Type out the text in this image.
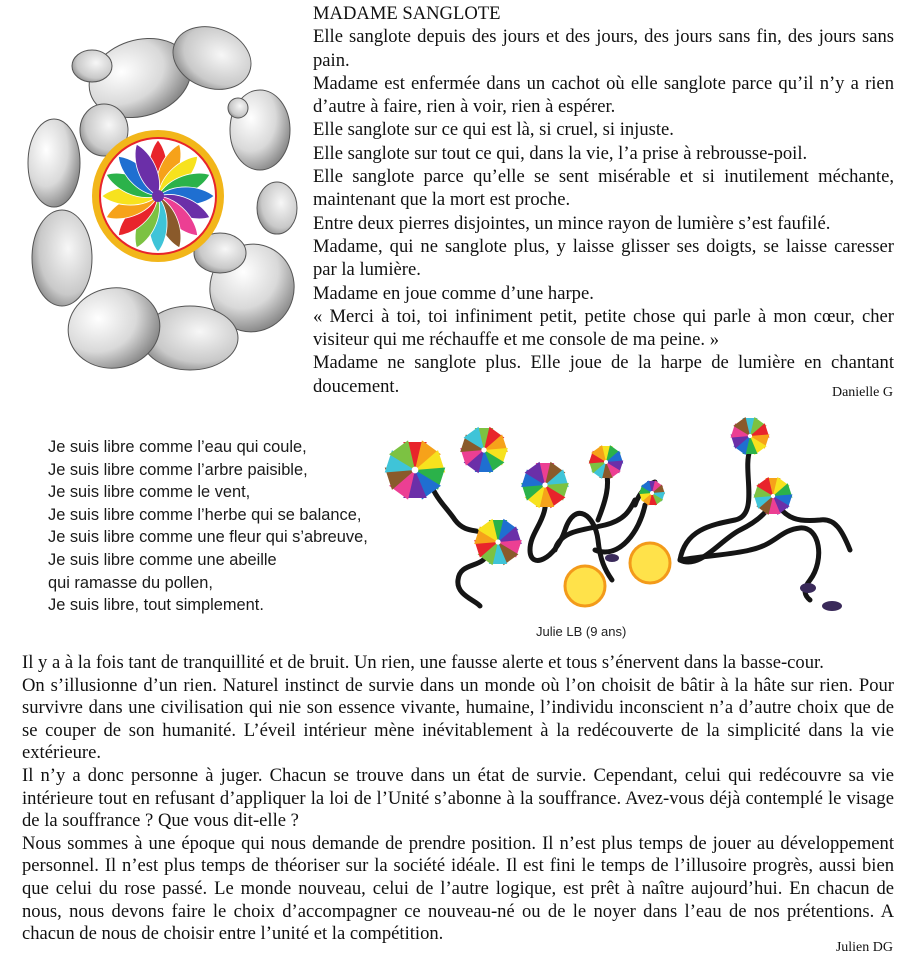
MADAME SANGLOTE

Elle sanglote depuis des jours et des jours, des jours sans fin, des jours sans pain.

Madame est enfermée dans un cachot où elle sanglote parce qu’il n’y a rien d’autre à faire, rien à voir, rien à espérer.

Elle sanglote sur ce qui est là, si cruel, si injuste.

Elle sanglote sur tout ce qui, dans la vie, l’a prise à rebrousse-poil.

Elle sanglote parce qu’elle se sent misérable et si inutilement méchante, maintenant que la mort est proche.

Entre deux pierres disjointes, un mince rayon de lumière s’est faufilé.

Madame, qui ne sanglote plus, y laisse glisser ses doigts, se laisse caresser par la lumière.

Madame en joue comme d’une harpe.

« Merci à toi, toi infiniment petit, petite chose qui parle à mon cœur, cher visiteur qui me réchauffe et me console de ma peine. »

Madame ne sanglote plus. Elle joue de la harpe de lumière en chantant doucement.	Danielle G
Je suis libre comme l’eau qui coule,
Je suis libre comme l’arbre paisible,
Je suis libre comme le vent,
Je suis libre comme l’herbe qui se balance,
Je suis libre comme une fleur qui s’abreuve,
Je suis libre comme une abeille
qui ramasse du pollen,
Je suis libre, tout simplement.
Julie LB (9 ans)

Il y a à la fois tant de tranquillité et de bruit. Un rien, une fausse alerte et tous s’énervent dans la basse-cour.

On s’illusionne d’un rien. Naturel instinct de survie dans un monde où l’on choisit de bâtir à la hâte sur rien. Pour survivre dans une civilisation qui nie son essence vivante, humaine, l’individu inconscient n’a d’autre choix que de se couper de son humanité. L’éveil intérieur mène inévitablement à la redécouverte de la simplicité dans la vie extérieure.

Il n’y a donc personne à juger. Chacun se trouve dans un état de survie. Cependant, celui qui redécouvre sa vie intérieure tout en refusant d’appliquer la loi de l’Unité s’abonne à la souffrance. Avez-vous déjà contemplé le visage de la souffrance ? Que vous dit-elle ?

Nous sommes à une époque qui nous demande de prendre position. Il n’est plus temps de jouer au développement personnel. Il n’est plus temps de théoriser sur la société idéale. Il est fini le temps de l’illusoire progrès, aussi bien que celui du rose passé. Le monde nouveau, celui de l’autre logique, est prêt à naître aujourd’hui. En chacun de nous, nous devons faire le choix d’accompagner ce nouveau-né ou de le noyer dans l’eau de nos prétentions. A chacun de nous de choisir entre l’unité et la compétition.

Julien DG
